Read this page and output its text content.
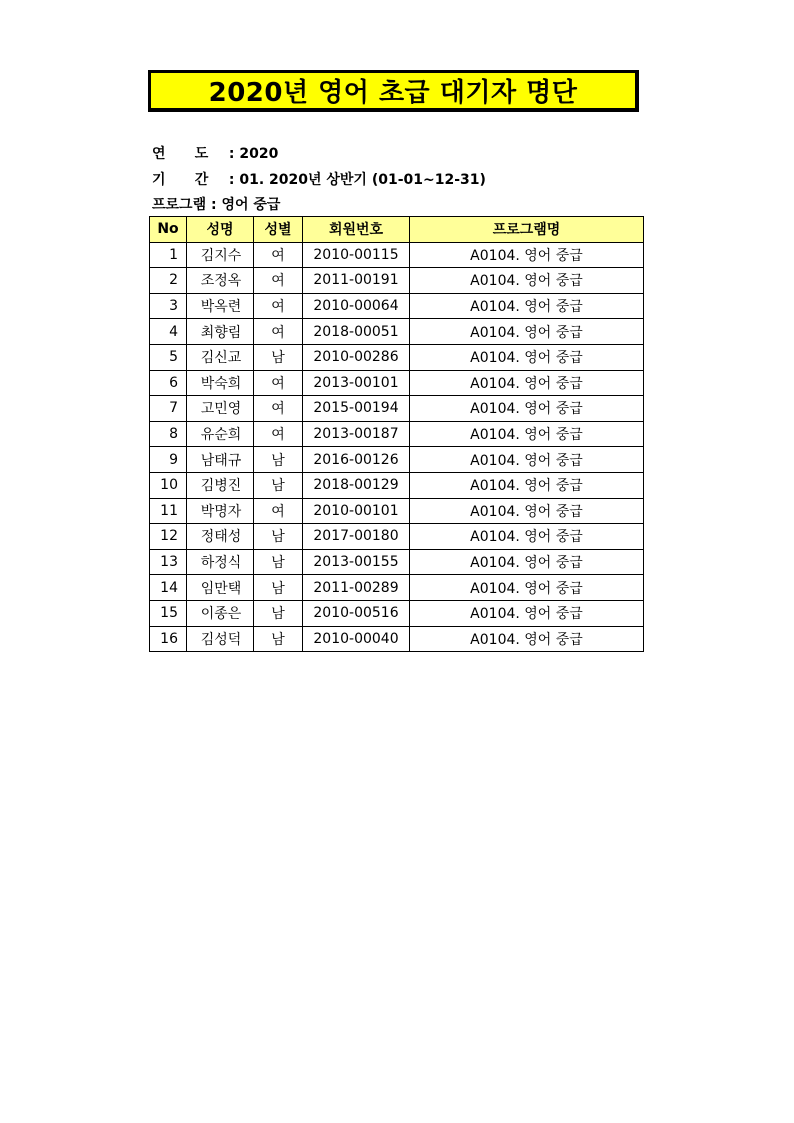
2020년 영어 초급 대기자 명단
연      도 : 2020
기      간 : 01. 2020년 상반기 (01-01~12-31)
프로그램 : 영어 중급
No	성명	성별	회원번호	프로그램명
1	김지수	여	2010-00115	A0104. 영어 중급
2	조정옥	여	2011-00191	A0104. 영어 중급
3	박옥련	여	2010-00064	A0104. 영어 중급
4	최향림	여	2018-00051	A0104. 영어 중급
5	김신교	남	2010-00286	A0104. 영어 중급
6	박숙희	여	2013-00101	A0104. 영어 중급
7	고민영	여	2015-00194	A0104. 영어 중급
8	유순희	여	2013-00187	A0104. 영어 중급
9	남태규	남	2016-00126	A0104. 영어 중급
10	김병진	남	2018-00129	A0104. 영어 중급
11	박명자	여	2010-00101	A0104. 영어 중급
12	정태성	남	2017-00180	A0104. 영어 중급
13	하정식	남	2013-00155	A0104. 영어 중급
14	임만택	남	2011-00289	A0104. 영어 중급
15	이종은	남	2010-00516	A0104. 영어 중급
16	김성덕	남	2010-00040	A0104. 영어 중급
